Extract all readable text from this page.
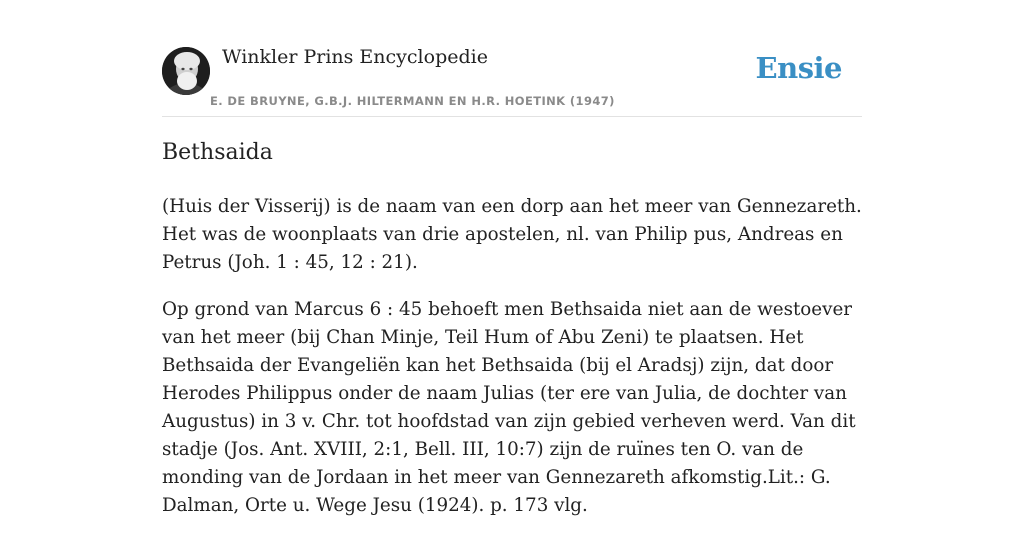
Winkler Prins Encyclopedie
E. DE BRUYNE, G.B.J. HILTERMANN EN H.R. HOETINK (1947)
Ensie
Bethsaida

(Huis der Visserij) is de naam van een dorp aan het meer van Gennezareth. Het was de woonplaats van drie apostelen, nl. van Philip pus, Andreas en Petrus (Joh. 1 : 45, 12 : 21).

Op grond van Marcus 6 : 45 behoeft men Bethsaida niet aan de westoever van het meer (bij Chan Minje, Teil Hum of Abu Zeni) te plaatsen. Het Bethsaida der Evangeliën kan het Bethsaida (bij el Aradsj) zijn, dat door Herodes Philippus onder de naam Julias (ter ere van Julia, de dochter van Augustus) in 3 v. Chr. tot hoofdstad van zijn gebied verheven werd. Van dit stadje (Jos. Ant. XVIII, 2:1, Bell. III, 10:7) zijn de ruïnes ten O. van de monding van de Jordaan in het meer van Gennezareth afkomstig.Lit.: G. Dalman, Orte u. Wege Jesu (1924). p. 173 vlg.
